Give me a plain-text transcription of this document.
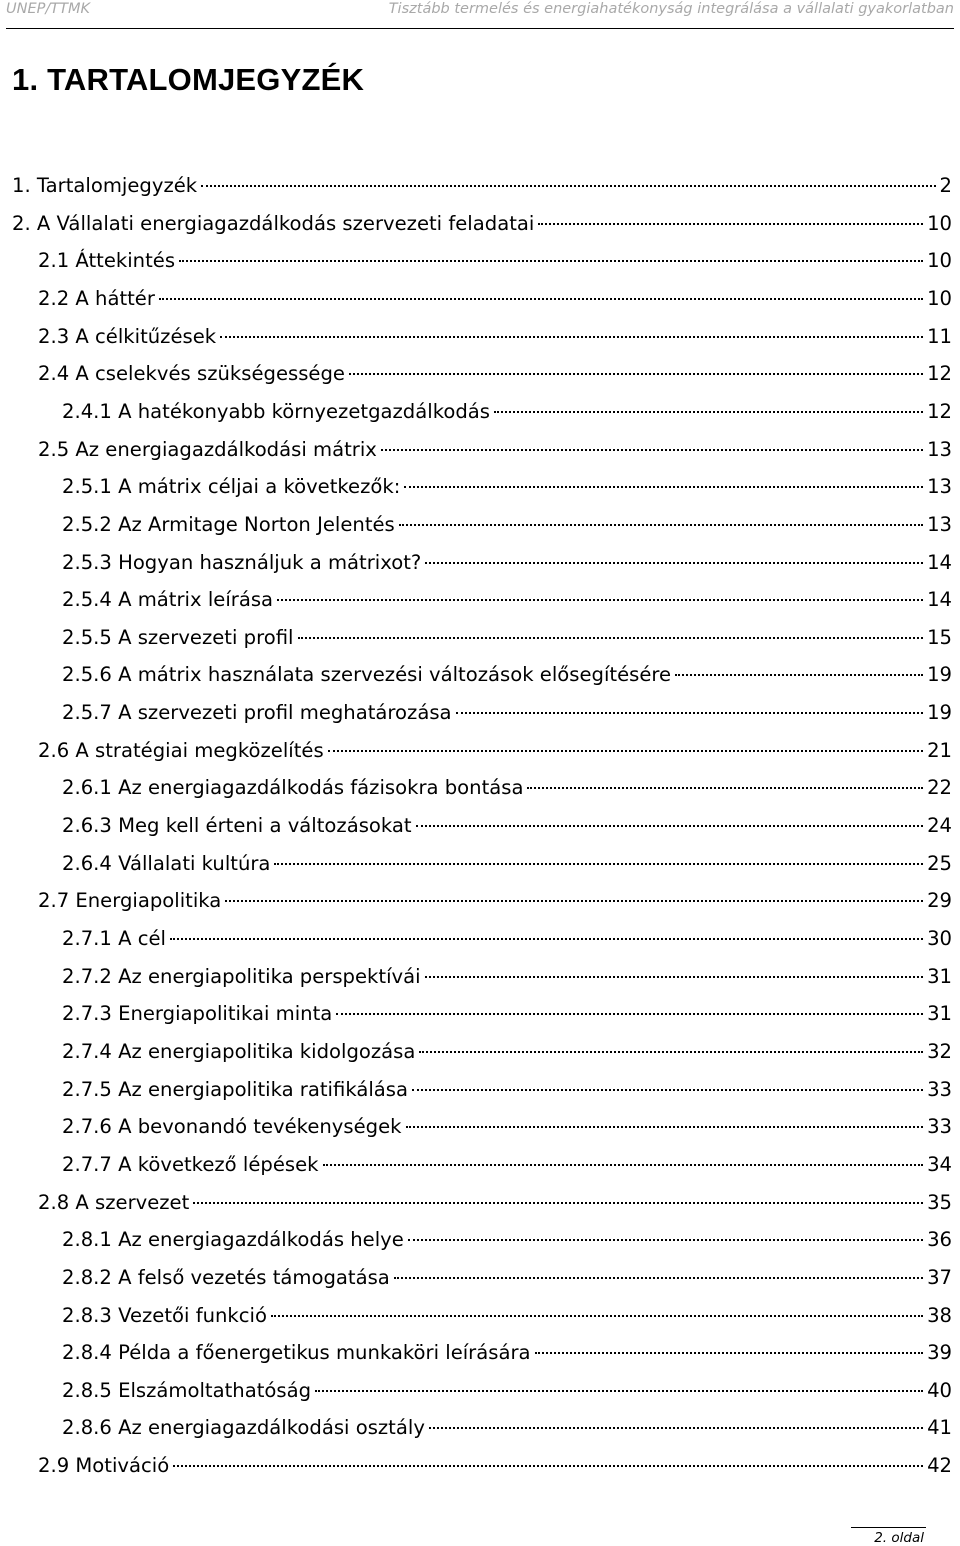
UNEP/TTMK	Tisztább termelés és energiahatékonyság integrálása a vállalati gyakorlatban
1. TARTALOMJEGYZÉK
1. Tartalomjegyzék	2
2. A Vállalati energiagazdálkodás szervezeti feladatai	10
2.1 Áttekintés	10
2.2 A háttér	10
2.3 A célkitűzések	11
2.4 A cselekvés szükségessége	12
2.4.1 A hatékonyabb környezetgazdálkodás	12
2.5 Az energiagazdálkodási mátrix	13
2.5.1 A mátrix céljai a következők:	13
2.5.2 Az Armitage Norton Jelentés	13
2.5.3 Hogyan használjuk a mátrixot?	14
2.5.4 A mátrix leírása	14
2.5.5 A szervezeti profil	15
2.5.6 A mátrix használata szervezési változások elősegítésére	19
2.5.7 A szervezeti profil meghatározása	19
2.6 A stratégiai megközelítés	21
2.6.1 Az energiagazdálkodás fázisokra bontása	22
2.6.3 Meg kell érteni a változásokat	24
2.6.4 Vállalati kultúra	25
2.7 Energiapolitika	29
2.7.1 A cél	30
2.7.2 Az energiapolitika perspektívái	31
2.7.3 Energiapolitikai minta	31
2.7.4 Az energiapolitika kidolgozása	32
2.7.5 Az energiapolitika ratifikálása	33
2.7.6 A bevonandó tevékenységek	33
2.7.7 A következő lépések	34
2.8 A szervezet	35
2.8.1 Az energiagazdálkodás helye	36
2.8.2 A felső vezetés támogatása	37
2.8.3 Vezetői funkció	38
2.8.4 Példa a főenergetikus munkaköri leírására	39
2.8.5 Elszámoltathatóság	40
2.8.6 Az energiagazdálkodási osztály	41
2.9 Motiváció	42
2. oldal
